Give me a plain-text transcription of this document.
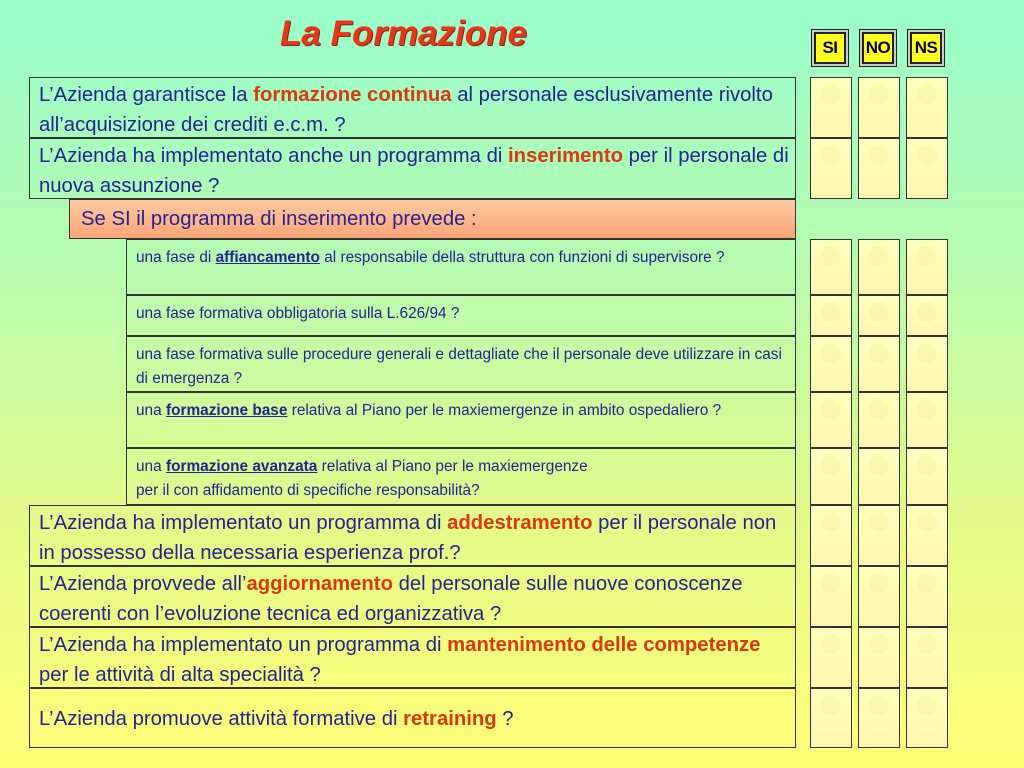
La Formazione	SI	NO NS
L’Azienda garantisce la formazione continua al personale esclusivamente rivolto all’acquisizione dei crediti e.c.m. ?
L’Azienda ha implementato anche un programma di inserimento per il personale di nuova assunzione ?
Se SI il programma di inserimento prevede :
una fase di affiancamento al responsabile della struttura con funzioni di supervisore ?
una fase formativa obbligatoria sulla L.626/94 ?
una fase formativa sulle procedure generali e dettagliate che il personale deve utilizzare in casi di emergenza ?
una formazione base relativa al Piano per le maxiemergenze in ambito ospedaliero ?
una formazione avanzata relativa al Piano per le maxiemergenze
per il con affidamento di specifiche responsabilità?
L’Azienda ha implementato un programma di addestramento per il personale non in possesso della necessaria esperienza prof.?
L’Azienda provvede all’aggiornamento del personale sulle nuove conoscenze coerenti con l’evoluzione tecnica ed organizzativa ?
L’Azienda ha implementato un programma di mantenimento delle competenze per le attività di alta specialità ?
L’Azienda promuove attività formative di retraining ?
